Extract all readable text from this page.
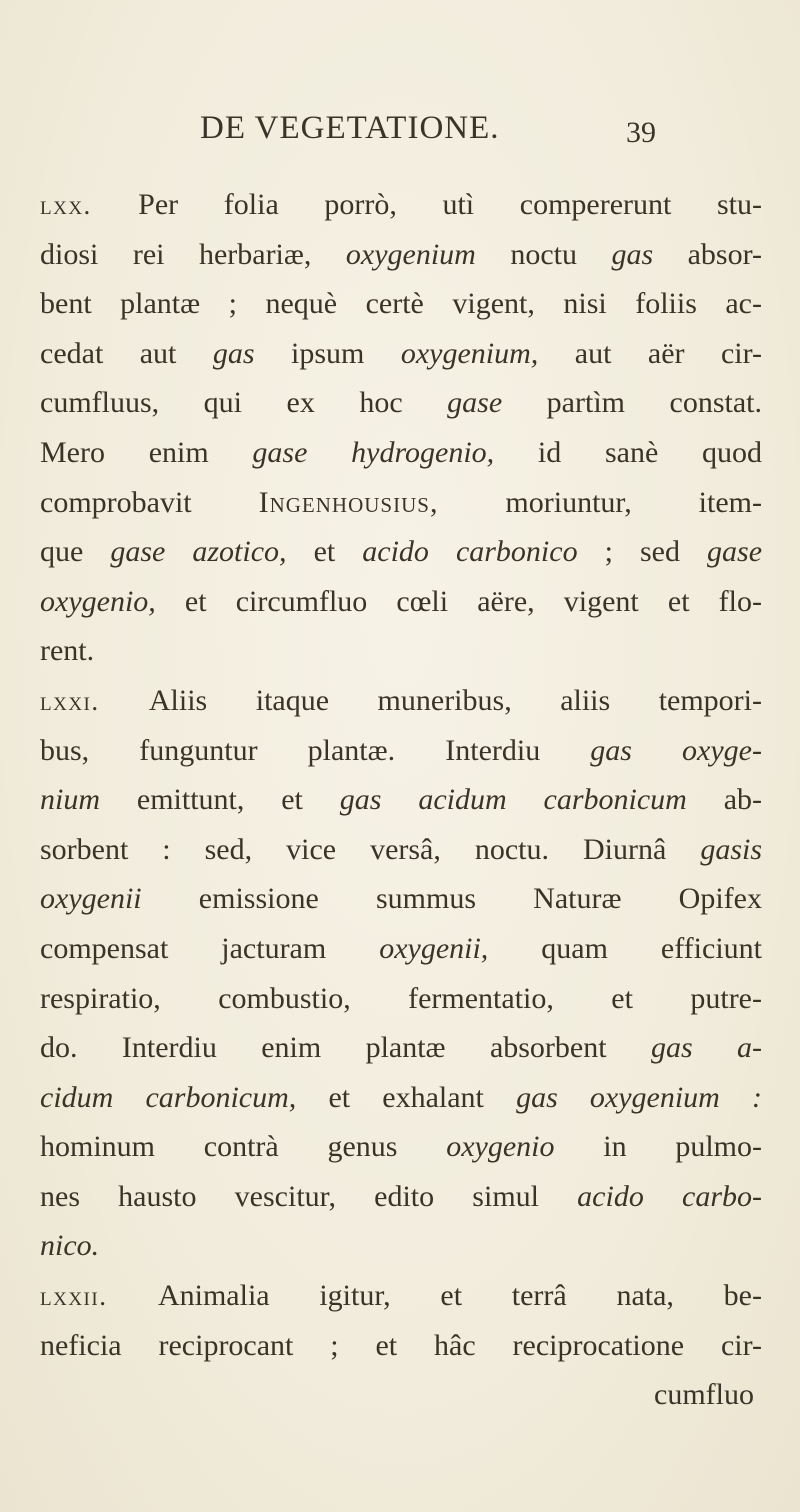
DE VEGETATIONE.	39
lxx. Per folia porrò, utì compererunt stu-
diosi rei herbariæ, oxygenium noctu gas absor-
bent plantæ ; nequè certè vigent, nisi foliis ac-
cedat aut gas ipsum oxygenium, aut aër cir-
cumfluus, qui ex hoc gase partìm constat.
Mero enim gase hydrogenio, id sanè quod
comprobavit Ingenhousius, moriuntur, item-
que gase azotico, et acido carbonico ; sed gase
oxygenio, et circumfluo cœli aëre, vigent et flo-
rent.
lxxi. Aliis itaque muneribus, aliis tempori-
bus, funguntur plantæ. Interdiu gas oxyge-
nium emittunt, et gas acidum carbonicum ab-
sorbent : sed, vice versâ, noctu. Diurnâ gasis
oxygenii emissione summus Naturæ Opifex
compensat jacturam oxygenii, quam efficiunt
respiratio, combustio, fermentatio, et putre-
do. Interdiu enim plantæ absorbent gas a-
cidum carbonicum, et exhalant gas oxygenium :
hominum contrà genus oxygenio in pulmo-
nes hausto vescitur, edito simul acido carbo-
nico.
lxxii. Animalia igitur, et terrâ nata, be-
neficia reciprocant ; et hâc reciprocatione cir-
cumfluo
